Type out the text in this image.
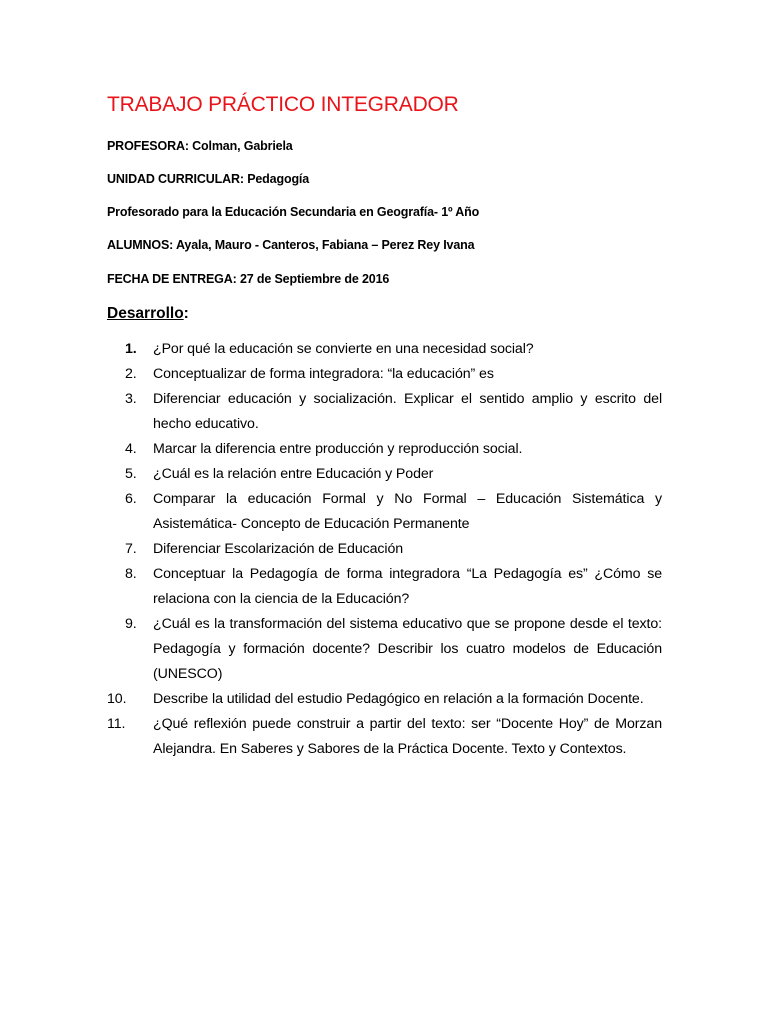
TRABAJO PRÁCTICO INTEGRADOR
PROFESORA: Colman, Gabriela
UNIDAD CURRICULAR: Pedagogía
Profesorado para la Educación Secundaria en Geografía- 1º Año
ALUMNOS: Ayala, Mauro - Canteros, Fabiana – Perez Rey Ivana
FECHA DE ENTREGA: 27 de Septiembre de 2016
Desarrollo:
1.	¿Por qué la educación se convierte en una necesidad social?
2.	Conceptualizar de forma integradora: “la educación” es
3.	Diferenciar educación y socialización. Explicar el sentido amplio y escrito del hecho educativo.
4.	Marcar la diferencia entre producción y reproducción social.
5.	¿Cuál es la relación entre Educación y Poder
6.	Comparar la educación Formal y No Formal – Educación Sistemática y Asistemática- Concepto de Educación Permanente
7.	Diferenciar Escolarización de Educación
8.	Conceptuar la Pedagogía de forma integradora “La Pedagogía es” ¿Cómo se relaciona con la ciencia de la Educación?
9.	¿Cuál es la transformación del sistema educativo que se propone desde el texto: Pedagogía y formación docente? Describir los cuatro modelos de Educación (UNESCO)
10.	Describe la utilidad del estudio Pedagógico en relación a la formación Docente.
11.	¿Qué reflexión puede construir a partir del texto: ser “Docente Hoy” de Morzan Alejandra. En Saberes y Sabores de la Práctica Docente. Texto y Contextos.
